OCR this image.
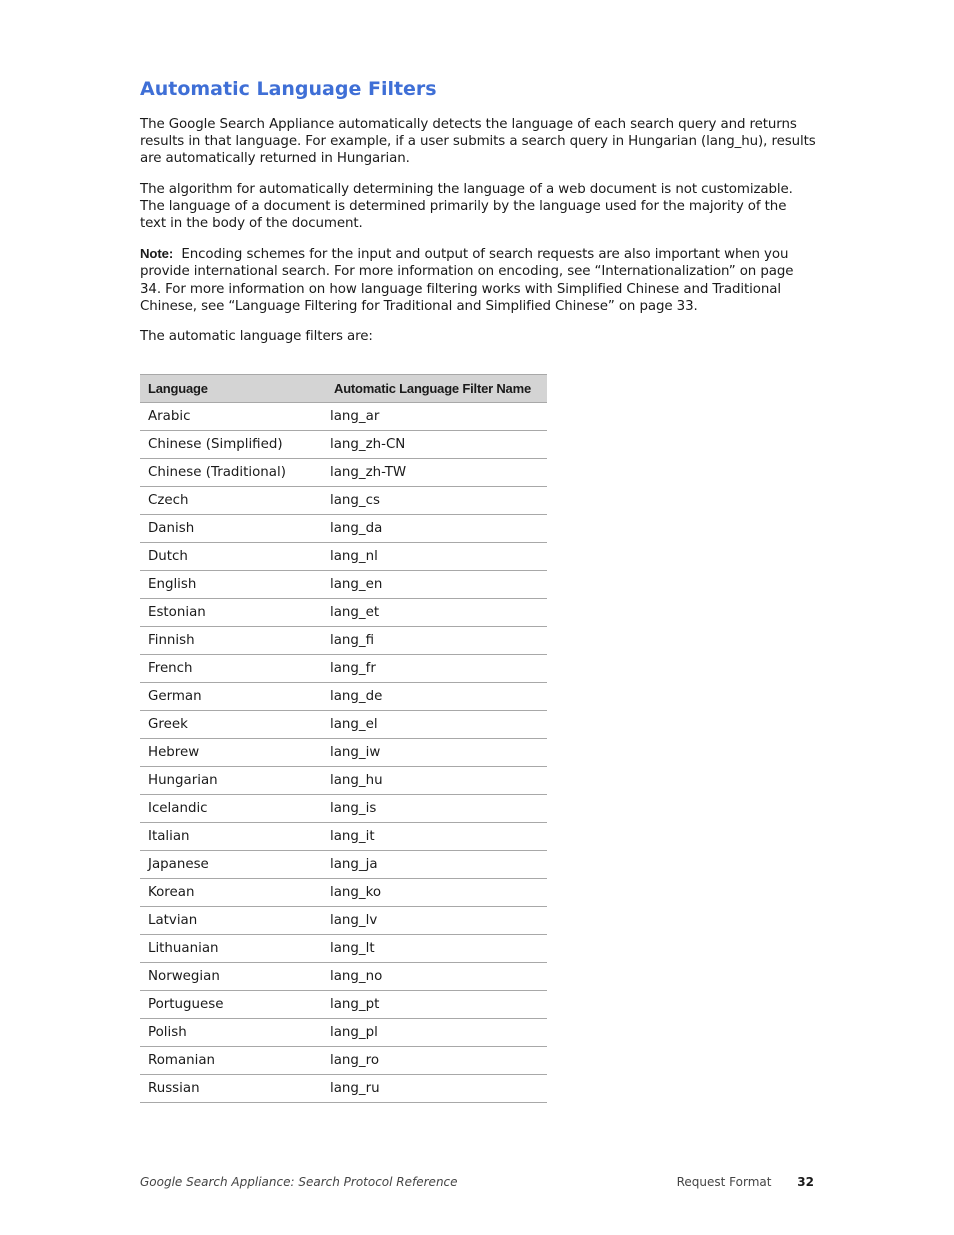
Automatic Language Filters

The Google Search Appliance automatically detects the language of each search query and returns results in that language. For example, if a user submits a search query in Hungarian (lang_hu), results are automatically returned in Hungarian.

The algorithm for automatically determining the language of a web document is not customizable. The language of a document is determined primarily by the language used for the majority of the text in the body of the document.

Note: Encoding schemes for the input and output of search requests are also important when you provide international search. For more information on encoding, see “Internationalization” on page 34. For more information on how language filtering works with Simplified Chinese and Traditional Chinese, see “Language Filtering for Traditional and Simplified Chinese” on page 33.

The automatic language filters are:

Language	Automatic Language Filter Name
Arabic	lang_ar
Chinese (Simplified)	lang_zh-CN
Chinese (Traditional)	lang_zh-TW
Czech	lang_cs
Danish	lang_da
Dutch	lang_nl
English	lang_en
Estonian	lang_et
Finnish	lang_fi
French	lang_fr
German	lang_de
Greek	lang_el
Hebrew	lang_iw
Hungarian	lang_hu
Icelandic	lang_is
Italian	lang_it
Japanese	lang_ja
Korean	lang_ko
Latvian	lang_lv
Lithuanian	lang_lt
Norwegian	lang_no
Portuguese	lang_pt
Polish	lang_pl
Romanian	lang_ro
Russian	lang_ru
Google Search Appliance: Search Protocol Reference	Request Format 32
